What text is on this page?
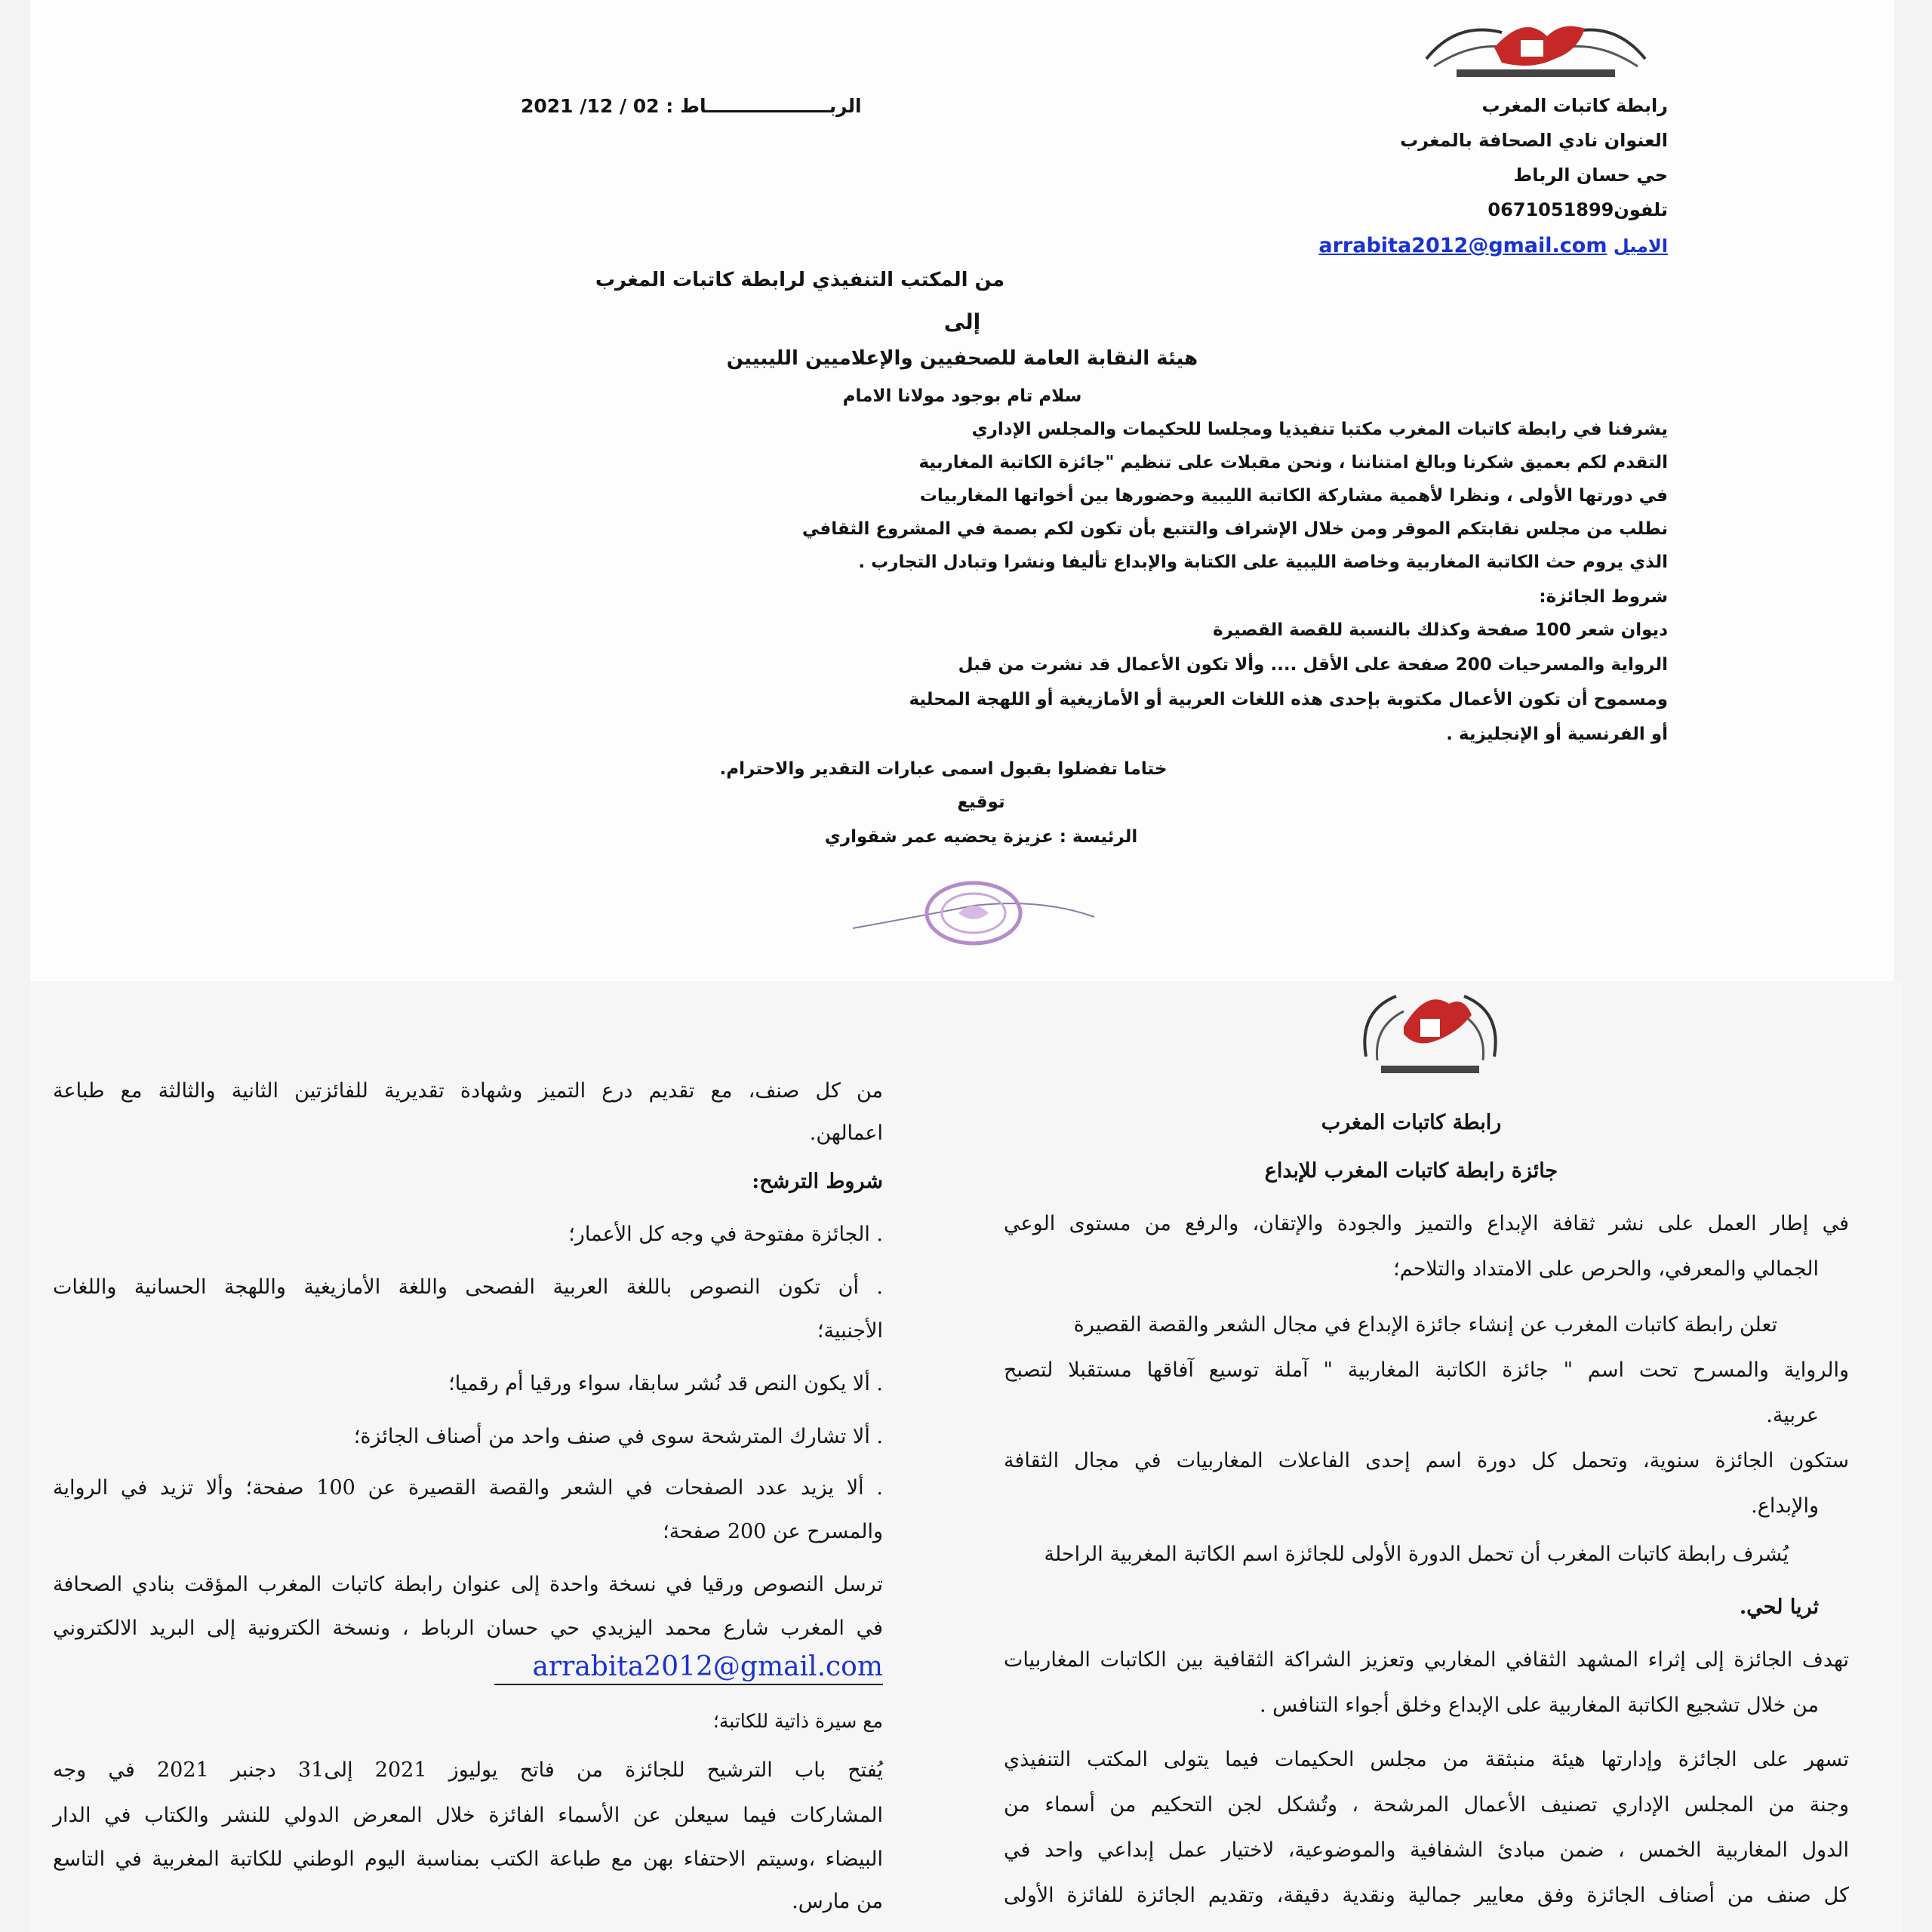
رابطة كاتبات المغرب
العنوان نادي الصحافة بالمغرب
حي حسان الرباط
تلفون0671051899
الاميل arrabita2012@gmail.com
الربـــــــــــــــــــاط : 02 / 12/ 2021
من المكتب التنفيذي لرابطة كاتبات المغرب
إلى
هيئة النقابة العامة للصحفيين والإعلاميين الليبيين
سلام تام بوجود مولانا الامام
يشرفنا في رابطة كاتبات المغرب مكتبا تنفيذيا ومجلسا للحكيمات والمجلس الإداري
التقدم لكم بعميق شكرنا وبالغ امتناننا ، ونحن مقبلات على تنظيم "جائزة الكاتبة المغاربية
في دورتها الأولى ، ونظرا لأهمية مشاركة الكاتبة الليبية وحضورها بين أخواتها المغاربيات
نطلب من مجلس نقابتكم الموقر ومن خلال الإشراف والتتبع بأن تكون لكم بصمة في المشروع الثقافي
الذي يروم حث الكاتبة المغاربية وخاصة الليبية على الكتابة والإبداع تأليفا ونشرا وتبادل التجارب .
شروط الجائزة:
ديوان شعر 100 صفحة وكذلك بالنسبة للقصة القصيرة
الرواية والمسرحيات 200 صفحة على الأقل .... وألا تكون الأعمال قد نشرت من قبل
ومسموح أن تكون الأعمال مكتوبة بإحدى هذه اللغات العربية أو الأمازيغية أو اللهجة المحلية
أو الفرنسية أو الإنجليزية .
ختاما تفضلوا بقبول اسمى عبارات التقدير والاحترام.
توقيع
الرئيسة : عزيزة يحضيه عمر شقواري
رابطة كاتبات المغرب
جائزة رابطة كاتبات المغرب للإبداع
في إطار العمل على نشر ثقافة الإبداع والتميز والجودة والإتقان، والرفع من مستوى الوعي
الجمالي والمعرفي، والحرص على الامتداد والتلاحم؛
تعلن رابطة كاتبات المغرب عن إنشاء جائزة الإبداع في مجال الشعر والقصة القصيرة
والرواية والمسرح تحت اسم " جائزة الكاتبة المغاربية " آملة توسيع آفاقها مستقبلا لتصبح
عربية.
ستكون الجائزة سنوية، وتحمل كل دورة اسم إحدى الفاعلات المغاربيات في مجال الثقافة
والإبداع.
يُشرف رابطة كاتبات المغرب أن تحمل الدورة الأولى للجائزة اسم الكاتبة المغربية الراحلة
ثريا لحي.
تهدف الجائزة إلى إثراء المشهد الثقافي المغاربي وتعزيز الشراكة الثقافية بين الكاتبات المغاربيات
من خلال تشجيع الكاتبة المغاربية على الإبداع وخلق أجواء التنافس .
تسهر على الجائزة وإدارتها هيئة منبثقة من مجلس الحكيمات فيما يتولى المكتب التنفيذي
وجنة من المجلس الإداري تصنيف الأعمال المرشحة ، وتُشكل لجن التحكيم من أسماء من
الدول المغاربية الخمس ، ضمن مبادئ الشفافية والموضوعية، لاختيار عمل إبداعي واحد في
كل صنف من أصناف الجائزة وفق معايير جمالية ونقدية دقيقة، وتقديم الجائزة للفائزة الأولى
من كل صنف، مع تقديم درع التميز وشهادة تقديرية للفائزتين الثانية والثالثة مع طباعة
اعمالهن.
شروط الترشح:
. الجائزة مفتوحة في وجه كل الأعمار؛
. أن تكون النصوص باللغة العربية الفصحى واللغة الأمازيغية واللهجة الحسانية واللغات
الأجنبية؛
. ألا يكون النص قد نُشر سابقا، سواء ورقيا أم رقميا؛
. ألا تشارك المترشحة سوى في صنف واحد من أصناف الجائزة؛
. ألا يزيد عدد الصفحات في الشعر والقصة القصيرة عن 100 صفحة؛ وألا تزيد في الرواية
والمسرح عن 200 صفحة؛
ترسل النصوص ورقيا في نسخة واحدة إلى عنوان رابطة كاتبات المغرب المؤقت بنادي الصحافة
في المغرب شارع محمد اليزيدي حي حسان الرباط ، ونسخة الكترونية إلى البريد الالكتروني
arrabita2012@gmail.com
مع سيرة ذاتية للكاتبة؛
يُفتح باب الترشيح للجائزة من فاتح يوليوز 2021 إلى31 دجنبر 2021 في وجه
المشاركات فيما سيعلن عن الأسماء الفائزة خلال المعرض الدولي للنشر والكتاب في الدار
البيضاء ،وسيتم الاحتفاء بهن مع طباعة الكتب بمناسبة اليوم الوطني للكاتبة المغربية في التاسع
من مارس.
